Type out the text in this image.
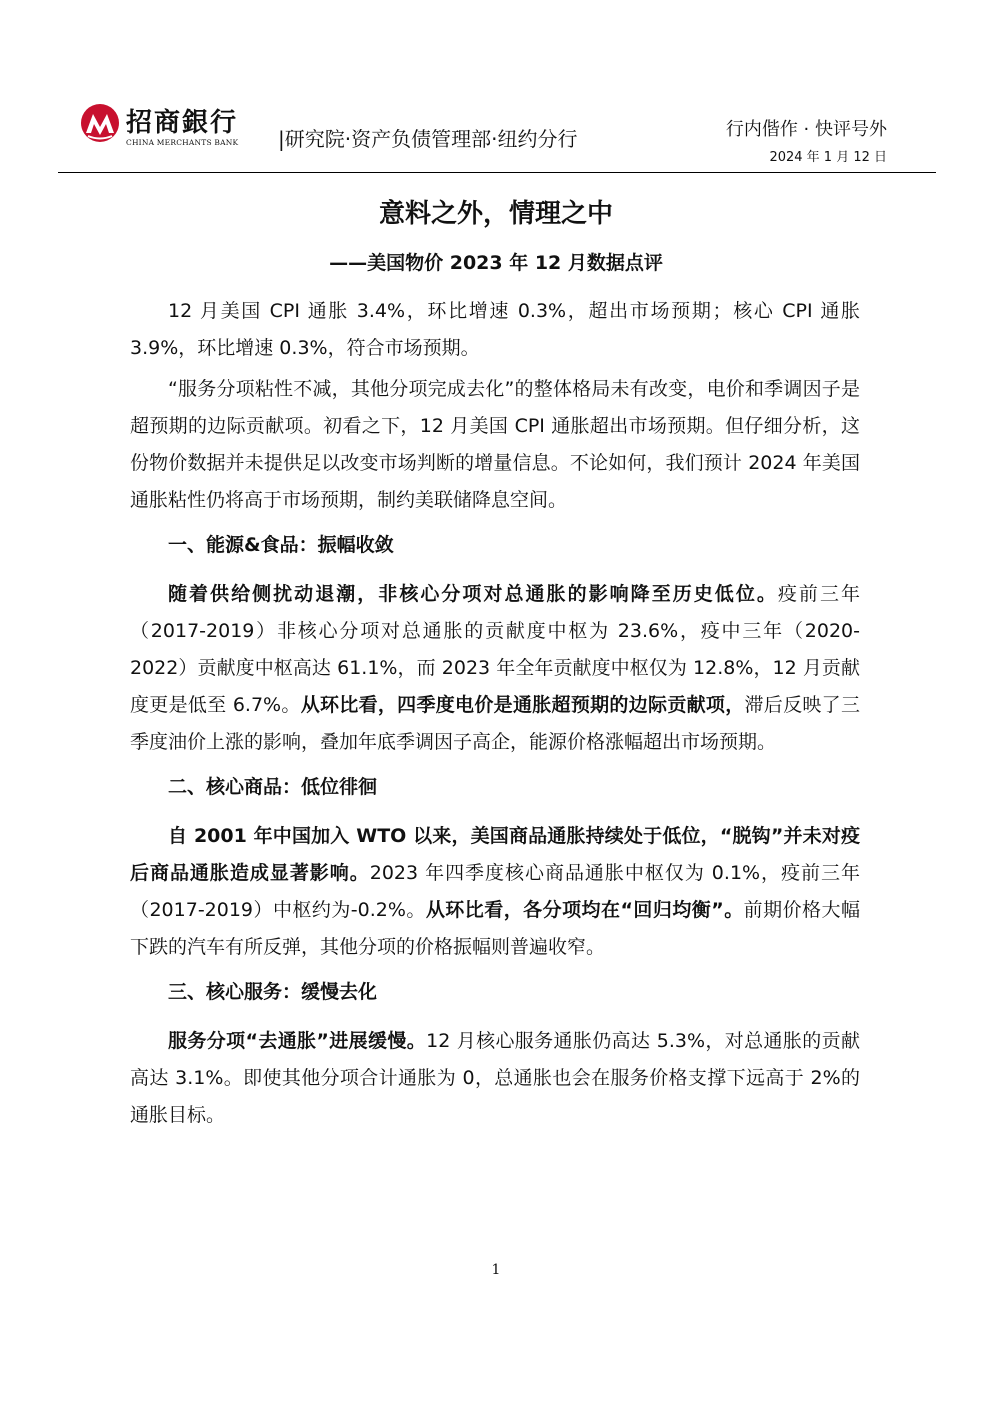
招商銀行
CHINA MERCHANTS BANK |研究院·资产负债管理部·纽约分行	行内偕作 · 快评号外
2024 年 1 月 12 日
意料之外，情理之中
——美国物价 2023 年 12 月数据点评

12 月美国 CPI 通胀 3.4%，环比增速 0.3%，超出市场预期；核心 CPI 通胀 3.9%，环比增速 0.3%，符合市场预期。

“服务分项粘性不减，其他分项完成去化”的整体格局未有改变，电价和季调因子是超预期的边际贡献项。初看之下，12 月美国 CPI 通胀超出市场预期。但仔细分析，这份物价数据并未提供足以改变市场判断的增量信息。不论如何，我们预计 2024 年美国通胀粘性仍将高于市场预期，制约美联储降息空间。

一、能源&食品：振幅收敛

随着供给侧扰动退潮，非核心分项对总通胀的影响降至历史低位。疫前三年（2017-2019）非核心分项对总通胀的贡献度中枢为 23.6%，疫中三年（2020-2022）贡献度中枢高达 61.1%，而 2023 年全年贡献度中枢仅为 12.8%，12 月贡献度更是低至 6.7%。从环比看，四季度电价是通胀超预期的边际贡献项，滞后反映了三季度油价上涨的影响，叠加年底季调因子高企，能源价格涨幅超出市场预期。

二、核心商品：低位徘徊

自 2001 年中国加入 WTO 以来，美国商品通胀持续处于低位，“脱钩”并未对疫后商品通胀造成显著影响。2023 年四季度核心商品通胀中枢仅为 0.1%，疫前三年（2017-2019）中枢约为-0.2%。从环比看，各分项均在“回归均衡”。前期价格大幅下跌的汽车有所反弹，其他分项的价格振幅则普遍收窄。

三、核心服务：缓慢去化

服务分项“去通胀”进展缓慢。12 月核心服务通胀仍高达 5.3%，对总通胀的贡献高达 3.1%。即使其他分项合计通胀为 0，总通胀也会在服务价格支撑下远高于 2%的通胀目标。

1
